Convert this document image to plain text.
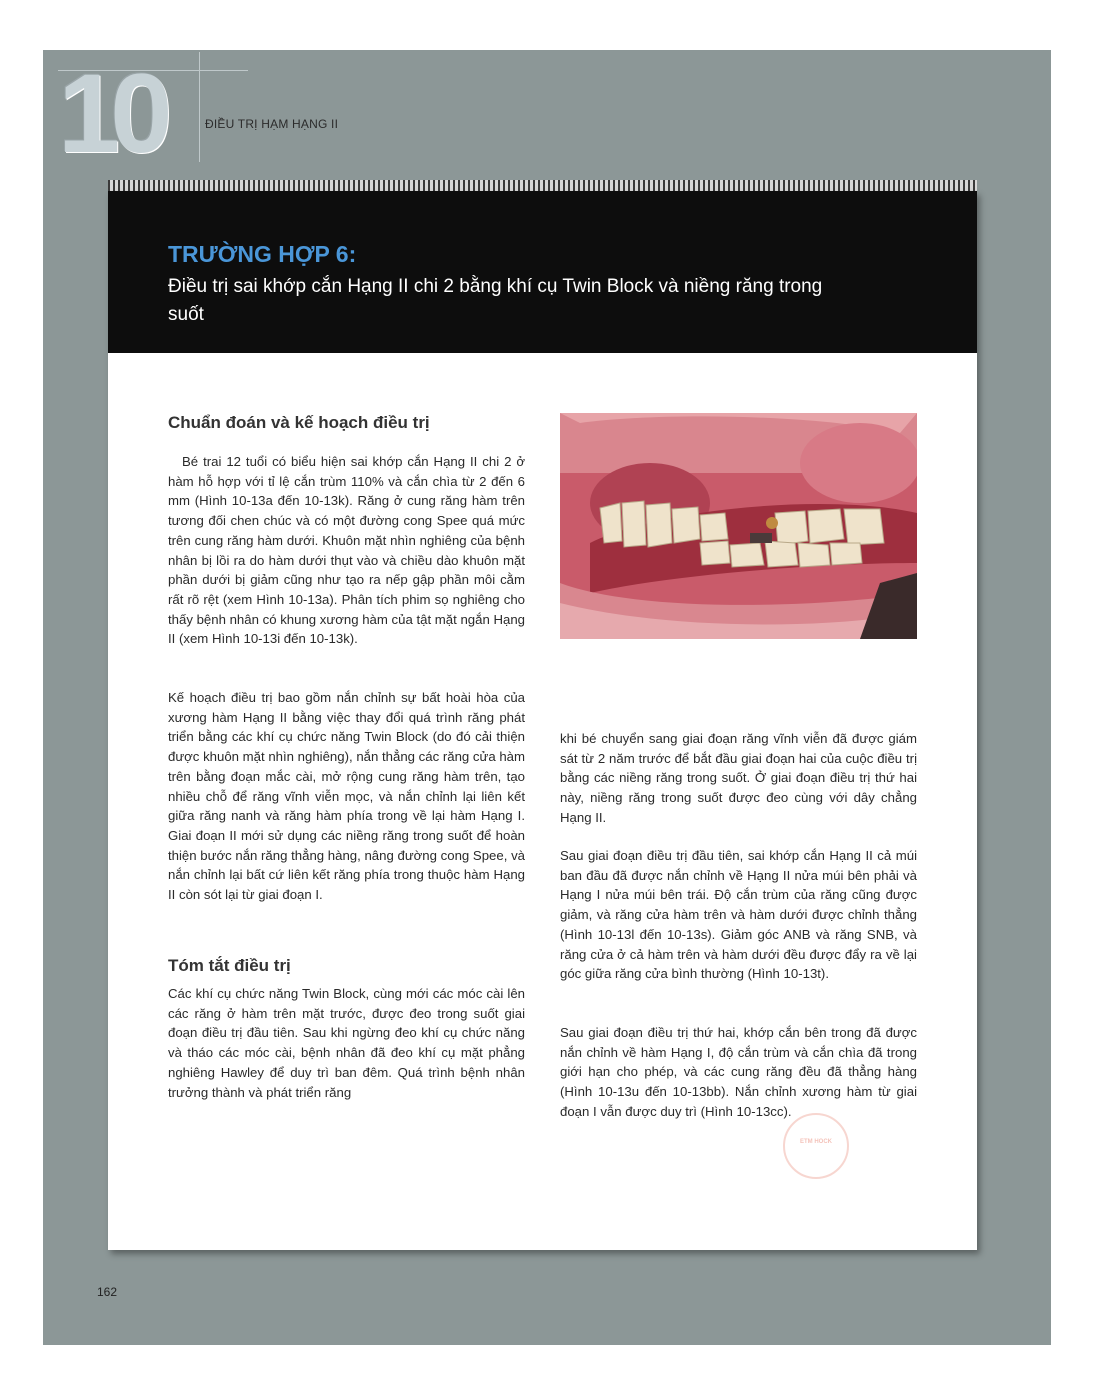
10	ĐIỀU TRỊ HẠM HẠNG II
TRƯỜNG HỢP 6:
Điều trị sai khớp cắn Hạng II chi 2 bằng khí cụ Twin Block và niềng răng trong suốt
Chuẩn đoán và kế hoạch điều trị

Bé trai 12 tuổi có biểu hiện sai khớp cắn Hạng II chi 2 ở hàm hỗ hợp với tỉ lệ cắn trùm 110% và cắn chìa từ 2 đến 6 mm (Hình 10-13a đến 10-13k). Răng ở cung răng hàm trên tương đối chen chúc và có một đường cong Spee quá mức trên cung răng hàm dưới. Khuôn mặt nhìn nghiêng của bệnh nhân bị lồi ra do hàm dưới thụt vào và chiều dào khuôn mặt phần dưới bị giảm cũng như tạo ra nếp gập phần môi cằm rất rõ rệt (xem Hình 10-13a). Phân tích phim sọ nghiêng cho thấy bệnh nhân có khung xương hàm của tật mặt ngắn Hạng II (xem Hình 10-13i đến 10-13k).

Kế hoạch điều trị bao gồm nắn chỉnh sự bất hoài hòa của xương hàm Hạng II bằng việc thay đổi quá trình răng phát triển bằng các khí cụ chức năng Twin Block (do đó cải thiện được khuôn mặt nhìn nghiêng), nắn thẳng các răng cửa hàm trên bằng đoạn mắc cài, mở rộng cung răng hàm trên, tạo nhiều chỗ để răng vĩnh viễn mọc, và nắn chỉnh lại liên kết giữa răng nanh và răng hàm phía trong về lại hàm Hạng I. Giai đoạn II mới sử dụng các niềng răng trong suốt để hoàn thiện bước nắn răng thẳng hàng, nâng đường cong Spee, và nắn chỉnh lại bất cứ liên kết răng phía trong thuộc hàm Hạng II còn sót lại từ giai đoạn I.

Tóm tắt điều trị

Các khí cụ chức năng Twin Block, cùng mới các móc cài lên các răng ở hàm trên mặt trước, được đeo trong suốt giai đoạn điều trị đầu tiên. Sau khi ngừng đeo khí cụ chức năng và tháo các móc cài, bệnh nhân đã đeo khí cụ mặt phẳng nghiêng Hawley để duy trì ban đêm. Quá trình bệnh nhân trưởng thành và phát triển răng

khi bé chuyển sang giai đoạn răng vĩnh viễn đã được giám sát từ 2 năm trước để bắt đầu giai đoạn hai của cuộc điều trị bằng các niềng răng trong suốt. Ở giai đoạn điều trị thứ hai này, niềng răng trong suốt được đeo cùng với dây chẳng Hạng II.

Sau giai đoạn điều trị đầu tiên, sai khớp cắn Hạng II cả múi ban đầu đã được nắn chỉnh về Hạng II nửa múi bên phải và Hạng I nửa múi bên trái. Độ cắn trùm của răng cũng được giảm, và răng cửa hàm trên và hàm dưới được chỉnh thẳng (Hình 10-13l đến 10-13s). Giảm góc ANB và răng SNB, và răng cửa ở cả hàm trên và hàm dưới đều được đẩy ra về lại góc giữa răng cửa bình thường (Hình 10-13t).

Sau giai đoạn điều trị thứ hai, khớp cắn bên trong đã được nắn chỉnh về hàm Hạng I, độ cắn trùm và cắn chìa đã trong giới hạn cho phép, và các cung răng đều đã thẳng hàng (Hình 10-13u đến 10-13bb). Nắn chỉnh xương hàm từ giai đoạn I vẫn được duy trì (Hình 10-13cc).

ETM HOCK
162
